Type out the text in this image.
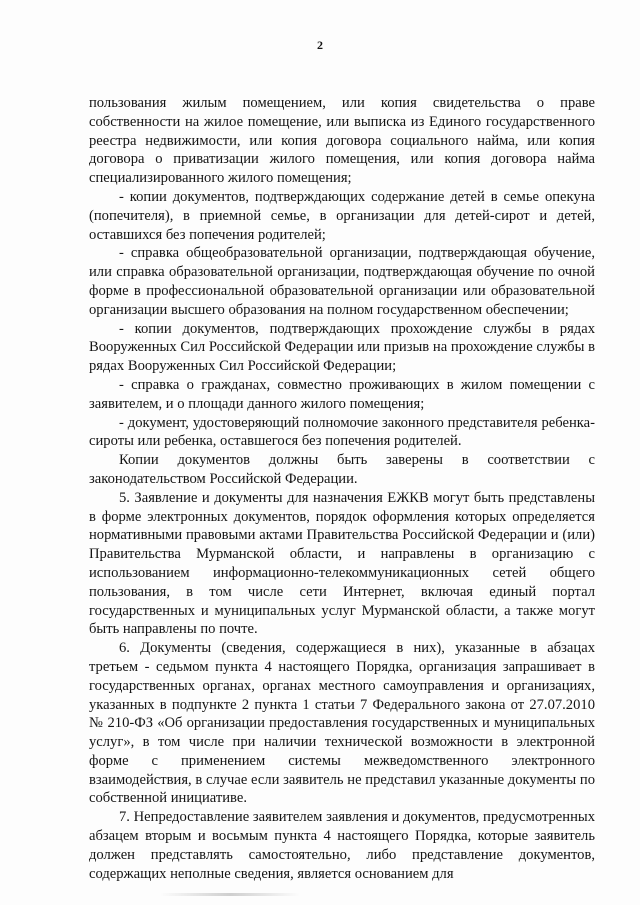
2

пользования жилым помещением, или копия свидетельства о праве собственности на жилое помещение, или выписка из Единого государственного реестра недвижимости, или копия договора социального найма, или копия договора о приватизации жилого помещения, или копия договора найма специализированного жилого помещения;

- копии документов, подтверждающих содержание детей в семье опекуна (попечителя), в приемной семье, в организации для детей-сирот и детей, оставшихся без попечения родителей;

- справка общеобразовательной организации, подтверждающая обучение, или справка образовательной организации, подтверждающая обучение по очной форме в профессиональной образовательной организации или образовательной организации высшего образования на полном государственном обеспечении;

- копии документов, подтверждающих прохождение службы в рядах Вооруженных Сил Российской Федерации или призыв на прохождение службы в рядах Вооруженных Сил Российской Федерации;

- справка о гражданах, совместно проживающих в жилом помещении с заявителем, и о площади данного жилого помещения;

- документ, удостоверяющий полномочие законного представителя ребенка-сироты или ребенка, оставшегося без попечения родителей.

Копии документов должны быть заверены в соответствии с законодательством Российской Федерации.

5. Заявление и документы для назначения ЕЖКВ могут быть представлены в форме электронных документов, порядок оформления которых определяется нормативными правовыми актами Правительства Российской Федерации и (или) Правительства Мурманской области, и направлены в организацию с использованием информационно-телекоммуникационных сетей общего пользования, в том числе сети Интернет, включая единый портал государственных и муниципальных услуг Мурманской области, а также могут быть направлены по почте.

6. Документы (сведения, содержащиеся в них), указанные в абзацах третьем - седьмом пункта 4 настоящего Порядка, организация запрашивает в государственных органах, органах местного самоуправления и организациях, указанных в подпункте 2 пункта 1 статьи 7 Федерального закона от 27.07.2010 № 210-ФЗ «Об организации предоставления государственных и муниципальных услуг», в том числе при наличии технической возможности в электронной форме с применением системы межведомственного электронного взаимодействия, в случае если заявитель не представил указанные документы по собственной инициативе.

7. Непредоставление заявителем заявления и документов, предусмотренных абзацем вторым и восьмым пункта 4 настоящего Порядка, которые заявитель должен представлять самостоятельно, либо представление документов, содержащих неполные сведения, является основанием для
